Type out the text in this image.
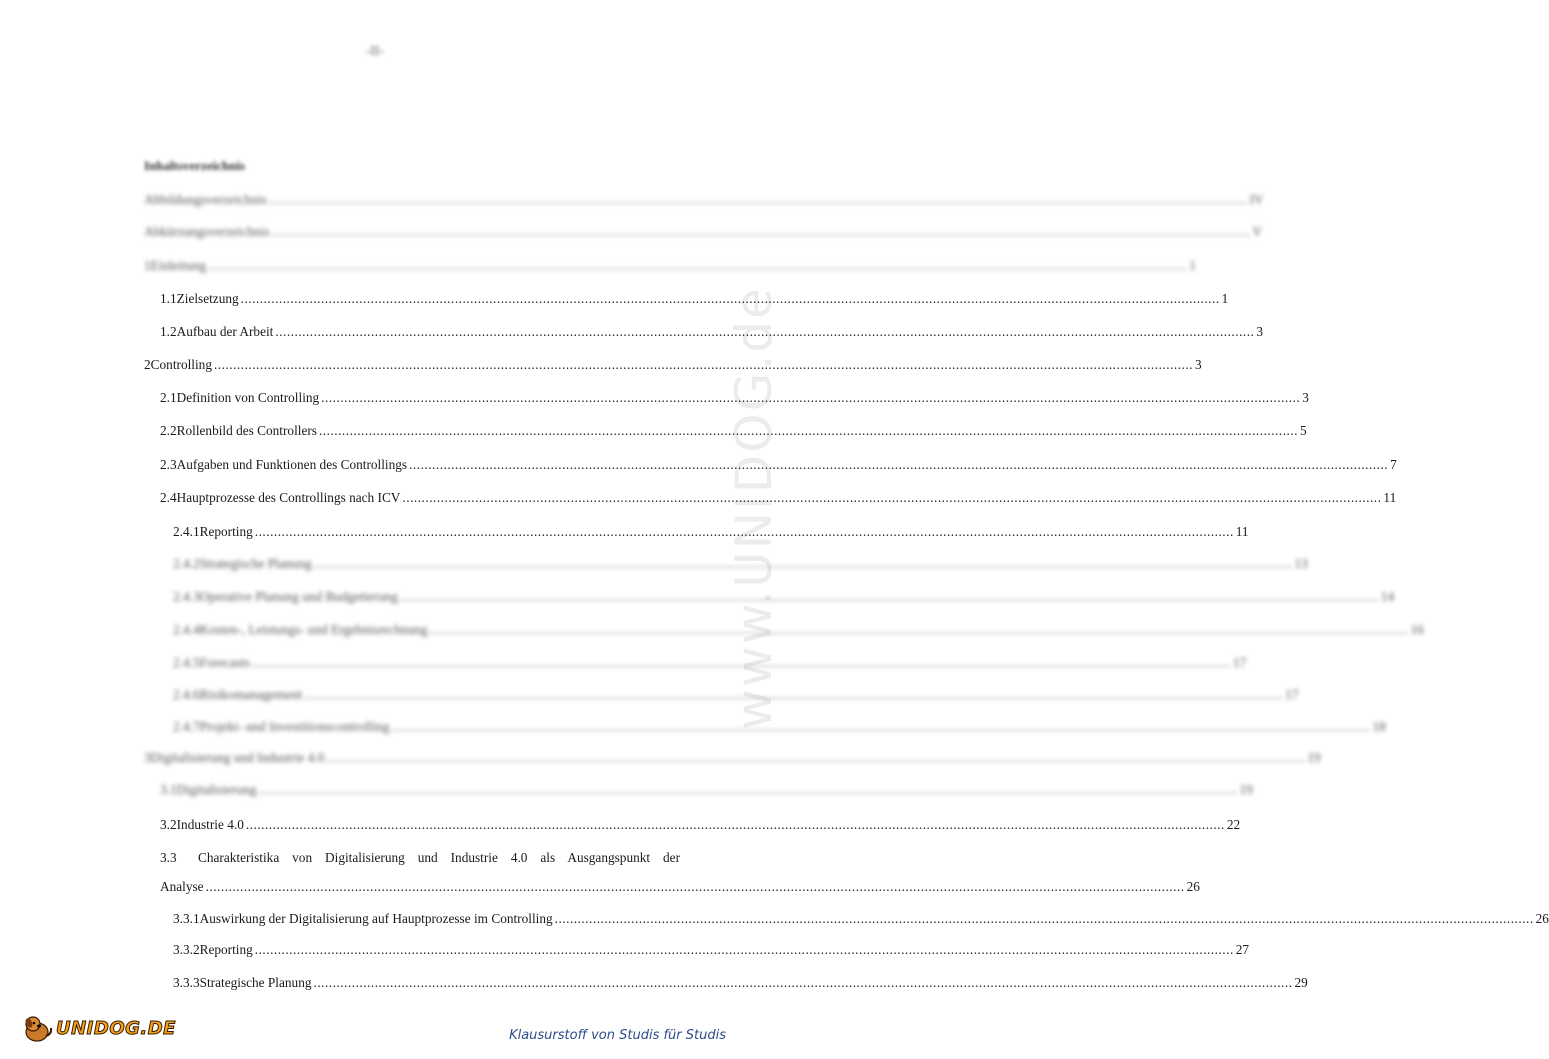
-II-
www.UNIDOG.de
Inhaltsverzeichnis
Abbildungsverzeichnis .....	IV
Abkürzungsverzeichnis .....	V
1 Einleitung .....	1
1.1 Zielsetzung .....	1
1.2 Aufbau der Arbeit .....	3
2 Controlling .....	3
2.1 Definition von Controlling .....	3
2.2 Rollenbild des Controllers .....	5
2.3 Aufgaben und Funktionen des Controllings .....	7
2.4 Hauptprozesse des Controllings nach ICV .....	11
2.4.1 Reporting .....	11
2.4.2 Strategische Planung .....	13
2.4.3 Operative Planung und Budgetierung .....	14
2.4.4 Kosten-, Leistungs- und Ergebnisrechnung .....	16
2.4.5 Forecasts .....	17
2.4.6 Risikomanagement .....	17
2.4.7 Projekt- und Investitionscontrolling .....	18
3 Digitalisierung und Industrie 4.0 .....	19
3.1 Digitalisierung .....	19
3.2 Industrie 4.0 .....	22
3.3	Charakteristika von Digitalisierung und Industrie 4.0 als Ausgangspunkt der
Analyse .....	26
3.3.1 Auswirkung der Digitalisierung auf Hauptprozesse im Controlling .....	26
3.3.2 Reporting .....	27
3.3.3 Strategische Planung .....	29
UNIDOG.DE	Klausurstoff von Studis für Studis
